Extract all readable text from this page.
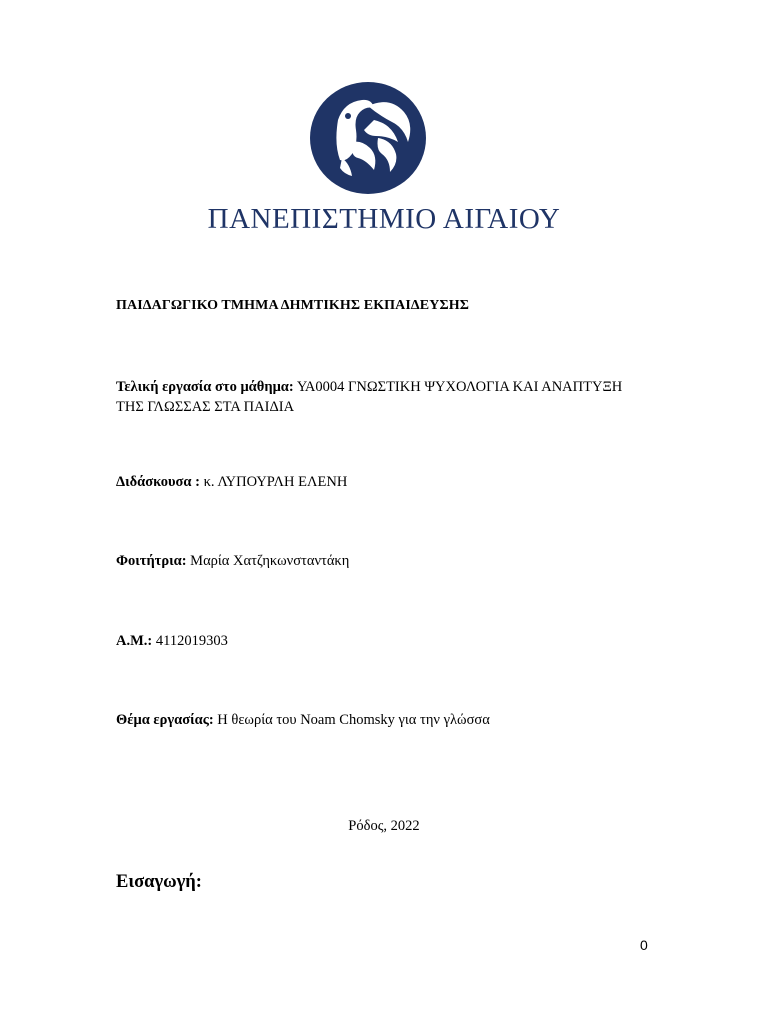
ΠΑΝΕΠΙΣΤΗΜΙΟ ΑΙΓΑΙΟΥ
ΠΑΙΔΑΓΩΓΙΚΟ ΤΜΗΜΑ ΔΗΜΤΙΚΗΣ ΕΚΠΑΙΔΕΥΣΗΣ
Τελική εργασία στο μάθημα: ΥΑ0004 ΓΝΩΣΤΙΚΗ ΨΥΧΟΛΟΓΙΑ ΚΑΙ ΑΝΑΠΤΥΞΗ ΤΗΣ ΓΛΩΣΣΑΣ ΣΤΑ ΠΑΙΔΙΑ
Διδάσκουσα : κ. ΛΥΠΟΥΡΛΗ ΕΛΕΝΗ
Φοιτήτρια: Μαρία Χατζηκωνσταντάκη
Α.Μ.: 4112019303
Θέμα εργασίας: Η θεωρία του Noam Chomsky για την γλώσσα
Ρόδος, 2022
Εισαγωγή:
0
